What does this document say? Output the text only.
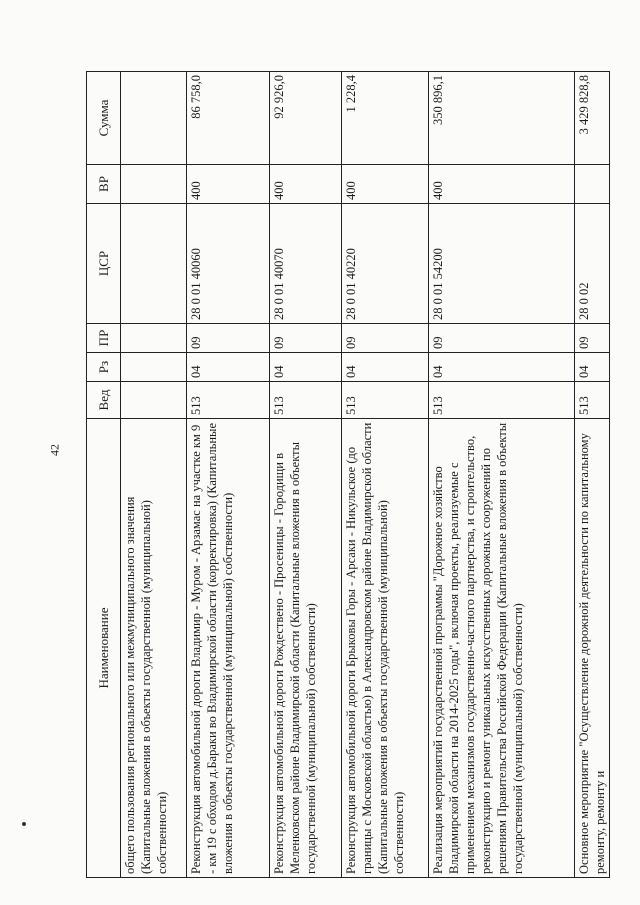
42
Наименование	Вед	Рз	ПР	ЦСР	ВР	Сумма
общего пользования регионального или межмуниципального значения (Капитальные вложения в объекты государственной (муниципальной) собственности)						
Реконструкция автомобильной дороги Владимир - Муром - Арзамас на участке км 9 - км 19 с обходом д.Бараки во Владимирской области (корректировка) (Капитальные вложения в объекты государственной (муниципальной) собственности)	513	04	09	28 0 01 40060	400	86 758,0
Реконструкция автомобильной дороги Рождествено - Просеницы - Городищи в Меленковском районе Владимирской области (Капитальные вложения в объекты государственной (муниципальной) собственности)	513	04	09	28 0 01 40070	400	92 926,0
Реконструкция автомобильной дороги Брыковы Горы - Арсаки - Никульское (до границы с Московской областью) в Александровском районе Владимирской области (Капитальные вложения в объекты государственной (муниципальной) собственности)	513	04	09	28 0 01 40220	400	1 228,4
Реализация мероприятий государственной программы "Дорожное хозяйство Владимирской области на 2014-2025 годы", включая проекты, реализуемые с применением механизмов государственно-частного партнерства, и строительство, реконструкцию и ремонт уникальных искусственных дорожных сооружений по решениям Правительства Российской Федерации (Капитальные вложения в объекты государственной (муниципальной) собственности)	513	04	09	28 0 01 54200	400	350 896,1
Основное мероприятие "Осуществление дорожной деятельности по капитальному ремонту, ремонту и	513	04	09	28 0 02		3 429 828,8
